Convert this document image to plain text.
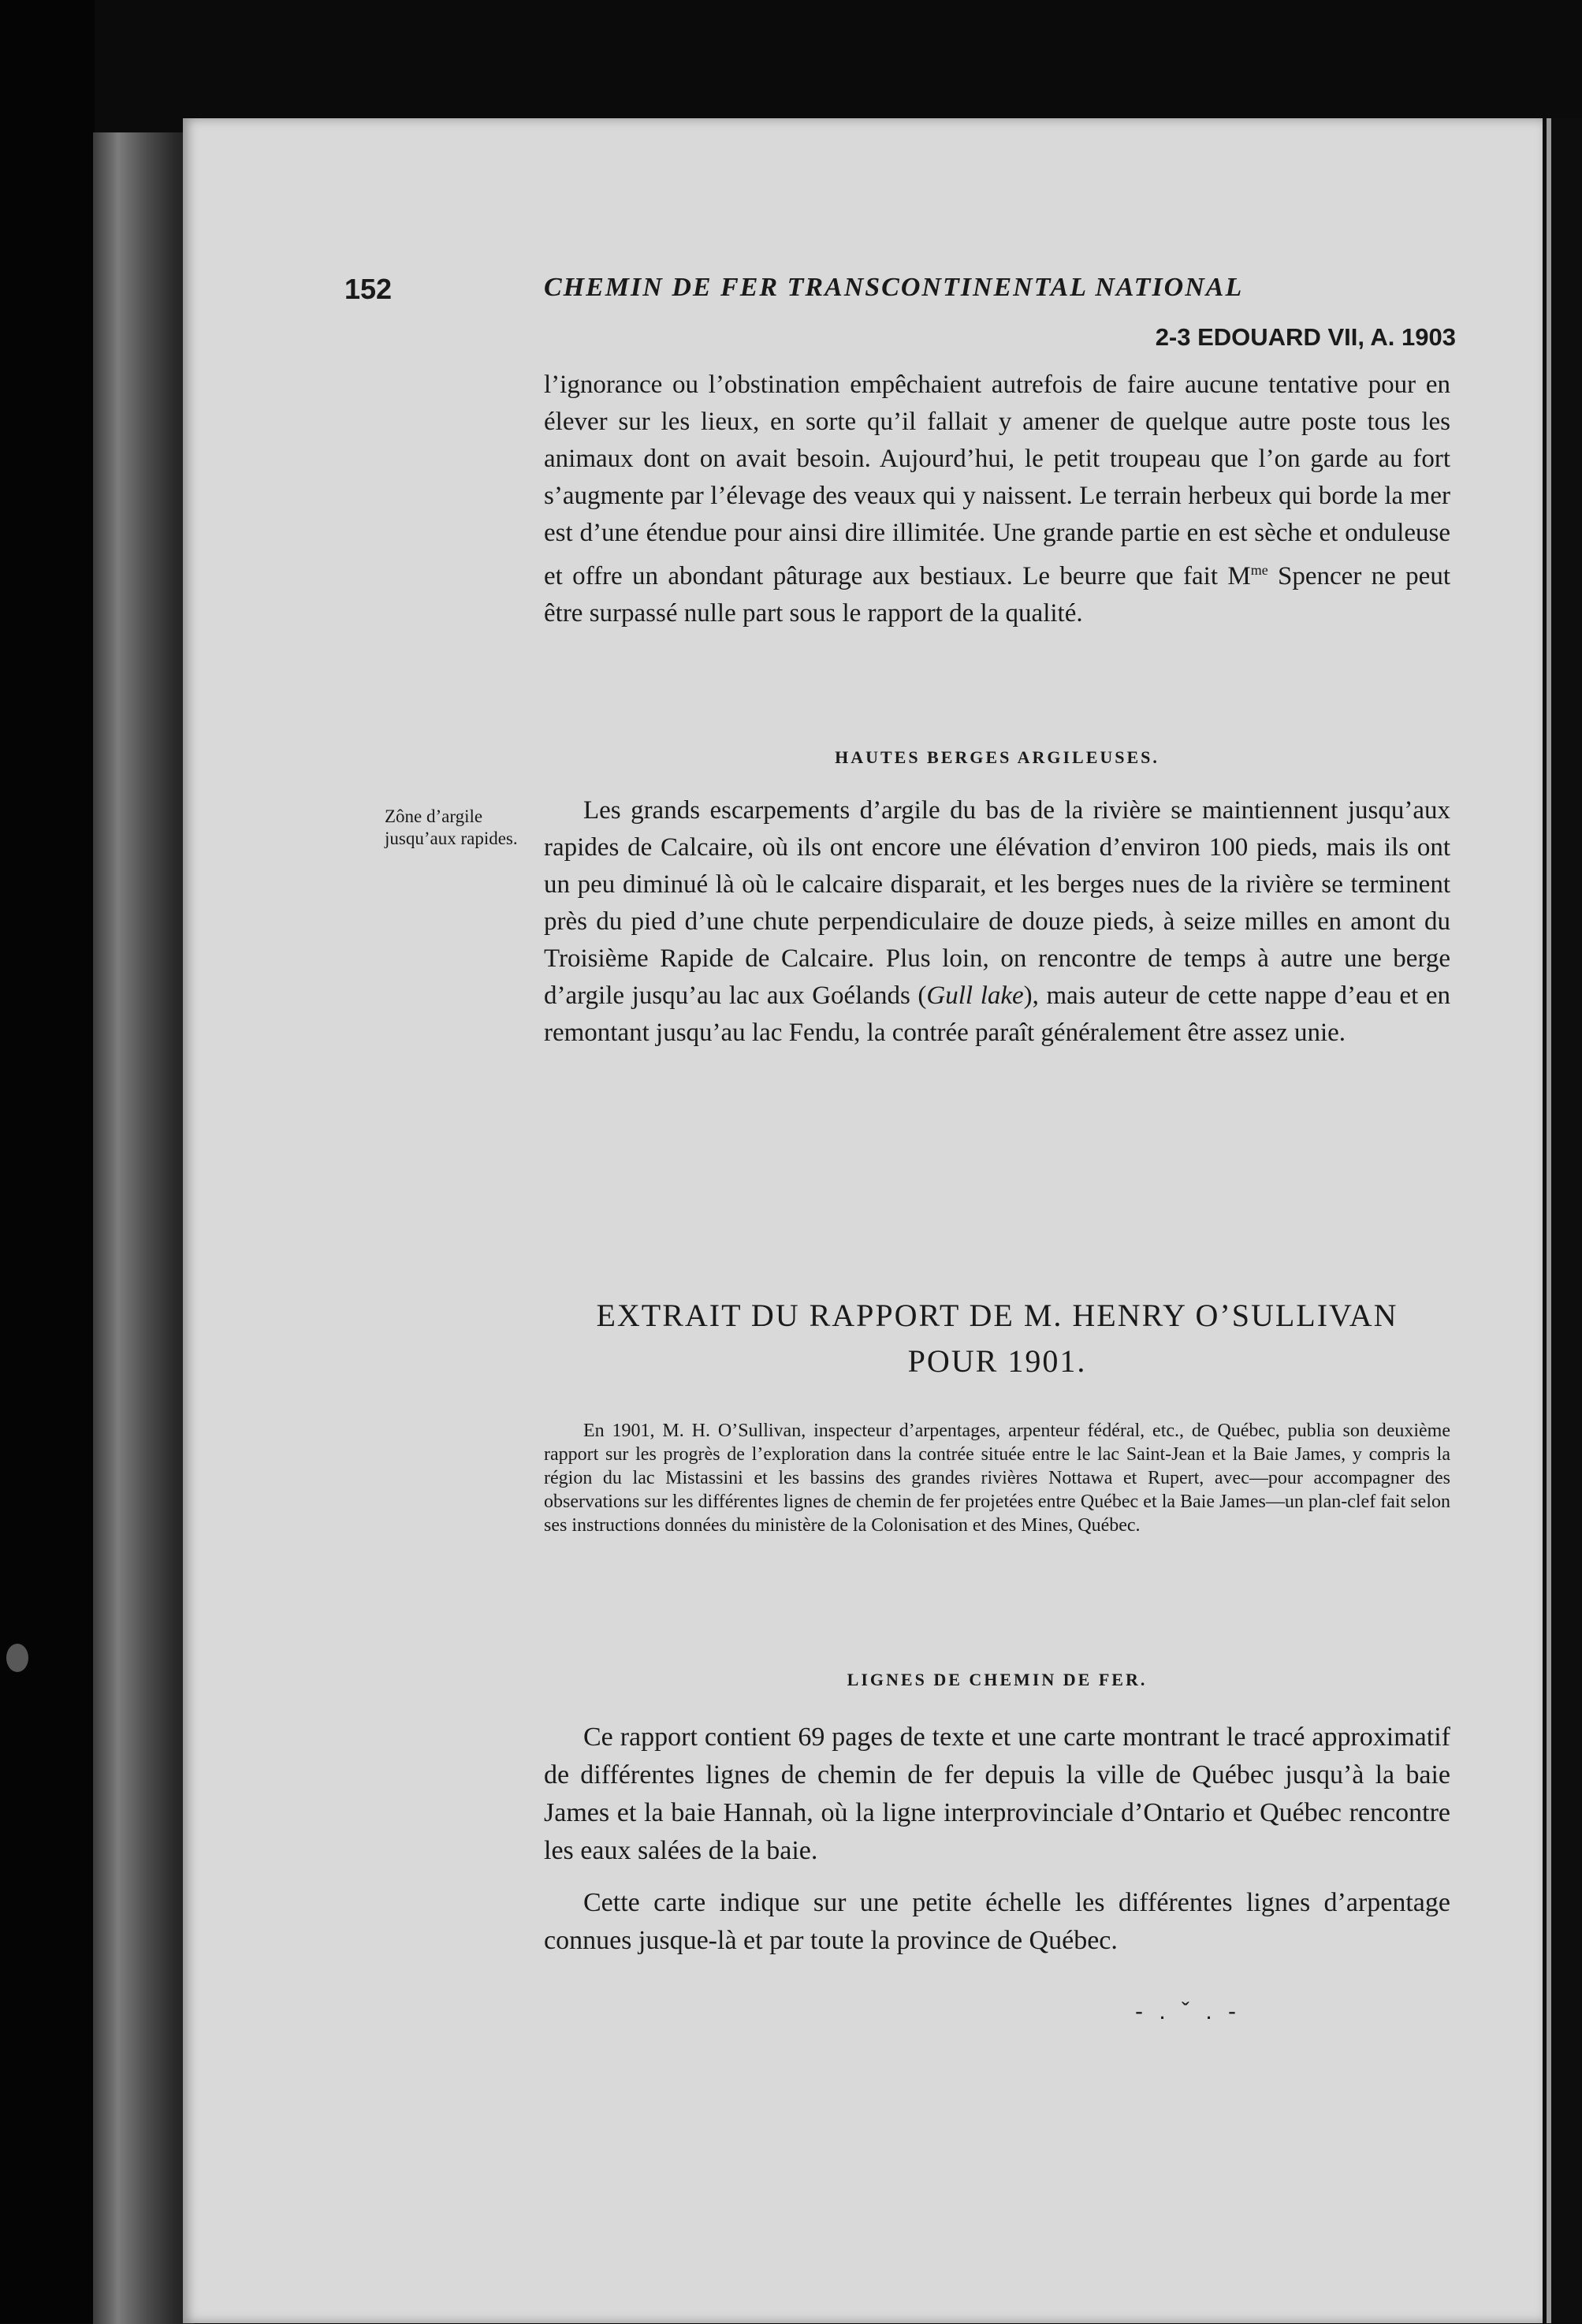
152	CHEMIN DE FER TRANSCONTINENTAL NATIONAL
2-3 EDOUARD VII, A. 1903

l’ignorance ou l’obstination empêchaient autrefois de faire aucune tentative pour en élever sur les lieux, en sorte qu’il fallait y amener de quelque autre poste tous les animaux dont on avait besoin. Aujourd’hui, le petit troupeau que l’on garde au fort s’augmente par l’élevage des veaux qui y naissent. Le terrain herbeux qui borde la mer est d’une étendue pour ainsi dire illimitée. Une grande partie en est sèche et onduleuse et offre un abondant pâturage aux bestiaux. Le beurre que fait $M^{me}$ Spencer ne peut être surpassé nulle part sous le rapport de la qualité.

HAUTES BERGES ARGILEUSES.
Zône d’argile jusqu’aux rapides.

Les grands escarpements d’argile du bas de la rivière se maintiennent jusqu’aux rapides de Calcaire, où ils ont encore une élévation d’environ 100 pieds, mais ils ont un peu diminué là où le calcaire disparait, et les berges nues de la rivière se terminent près du pied d’une chute perpendiculaire de douze pieds, à seize milles en amont du Troisième Rapide de Calcaire. Plus loin, on rencontre de temps à autre une berge d’argile jusqu’au lac aux Goélands (Gull lake), mais auteur de cette nappe d’eau et en remontant jusqu’au lac Fendu, la contrée paraît généralement être assez unie.

EXTRAIT DU RAPPORT DE M. HENRY O’SULLIVAN
POUR 1901.

En 1901, M. H. O’Sullivan, inspecteur d’arpentages, arpenteur fédéral, etc., de Québec, publia son deuxième rapport sur les progrès de l’exploration dans la contrée située entre le lac Saint-Jean et la Baie James, y compris la région du lac Mistassini et les bassins des grandes rivières Nottawa et Rupert, avec—pour accompagner des observations sur les différentes lignes de chemin de fer projetées entre Québec et la Baie James—un plan-clef fait selon ses instructions données du ministère de la Colonisation et des Mines, Québec.

LIGNES DE CHEMIN DE FER.

Ce rapport contient 69 pages de texte et une carte montrant le tracé approximatif de différentes lignes de chemin de fer depuis la ville de Québec jusqu’à la baie James et la baie Hannah, où la ligne interprovinciale d’Ontario et Québec rencontre les eaux salées de la baie.

Cette carte indique sur une petite échelle les différentes lignes d’arpentage connues jusque-là et par toute la province de Québec.

- . ˇ . -
